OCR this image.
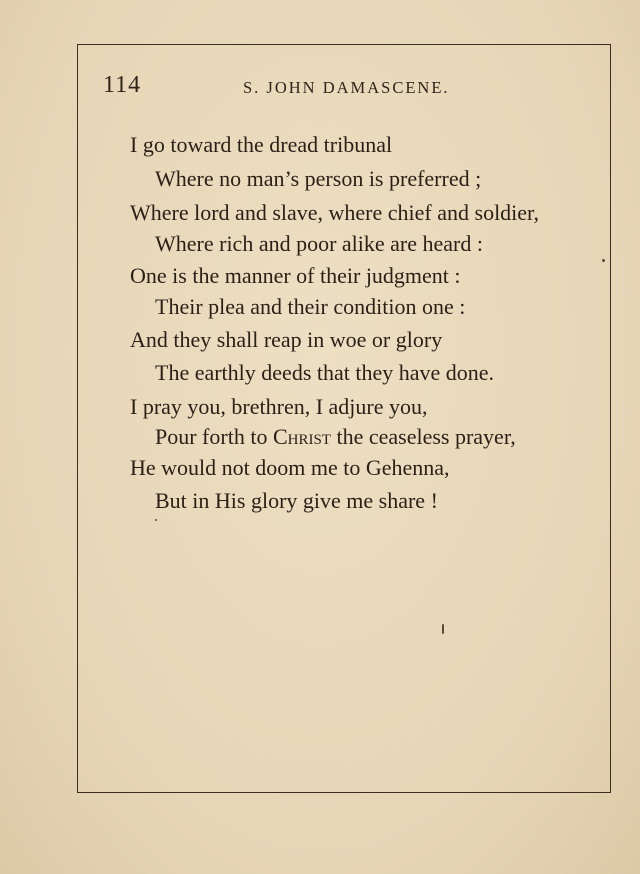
114	S. JOHN DAMASCENE.
I go toward the dread tribunal
Where no man’s person is preferred ;
Where lord and slave, where chief and soldier,
Where rich and poor alike are heard :
One is the manner of their judgment :
Their plea and their condition one :
And they shall reap in woe or glory
The earthly deeds that they have done.
I pray you, brethren, I adjure you,
Pour forth to Christ the ceaseless prayer,
He would not doom me to Gehenna,
But in His glory give me share !
